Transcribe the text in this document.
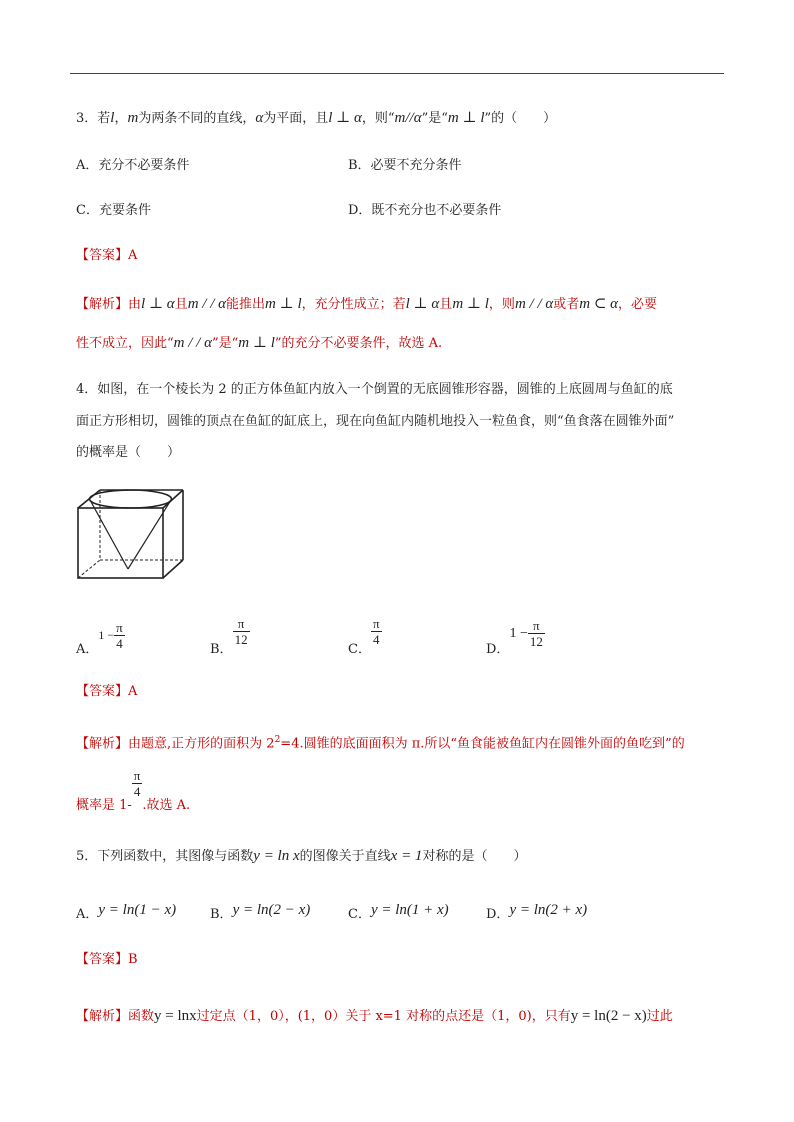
3．若l，m为两条不同的直线，α为平面，且l ⊥ α，则“m//α”是“m ⊥ l”的（　　）
A．充分不必要条件	B．必要不充分条件
C．充要条件	D．既不充分也不必要条件
【答案】A
【解析】由l ⊥ α且m / / α能推出m ⊥ l，充分性成立；若l ⊥ α且m ⊥ l，则m / / α或者m ⊂ α，必要
性不成立，因此“m / / α”是“m ⊥ l”的充分不必要条件，故选 A.
4．如图，在一个棱长为 2 的正方体鱼缸内放入一个倒置的无底圆锥形容器，圆锥的上底圆周与鱼缸的底
面正方形相切，圆锥的顶点在鱼缸的缸底上，现在向鱼缸内随机地投入一粒鱼食，则“鱼食落在圆锥外面”
的概率是（　　）
A．$1 - \frac{\pi}{4}$	B．
$\frac{\pi}{12}$
C．
$\frac{\pi}{4}$
D．$1 - \frac{\pi}{12}$
【答案】A
【解析】由题意,正方形的面积为 $2^2=4$.圆锥的底面面积为 π.所以“鱼食能被鱼缸内在圆锥外面的鱼吃到”的
概率是 1-
$\frac{\pi}{4}$
.故选 A.
5．下列函数中，其图像与函数y = ln x的图像关于直线x = 1对称的是（　　）
A．y = ln(1 − x)	B．y = ln(2 − x)	C．y = ln(1 + x)	D．y = ln(2 + x)
【答案】B
【解析】函数y = lnx过定点（1，0），(1，0）关于 x=1 对称的点还是（1，0)，只有y = ln(2 − x)过此
